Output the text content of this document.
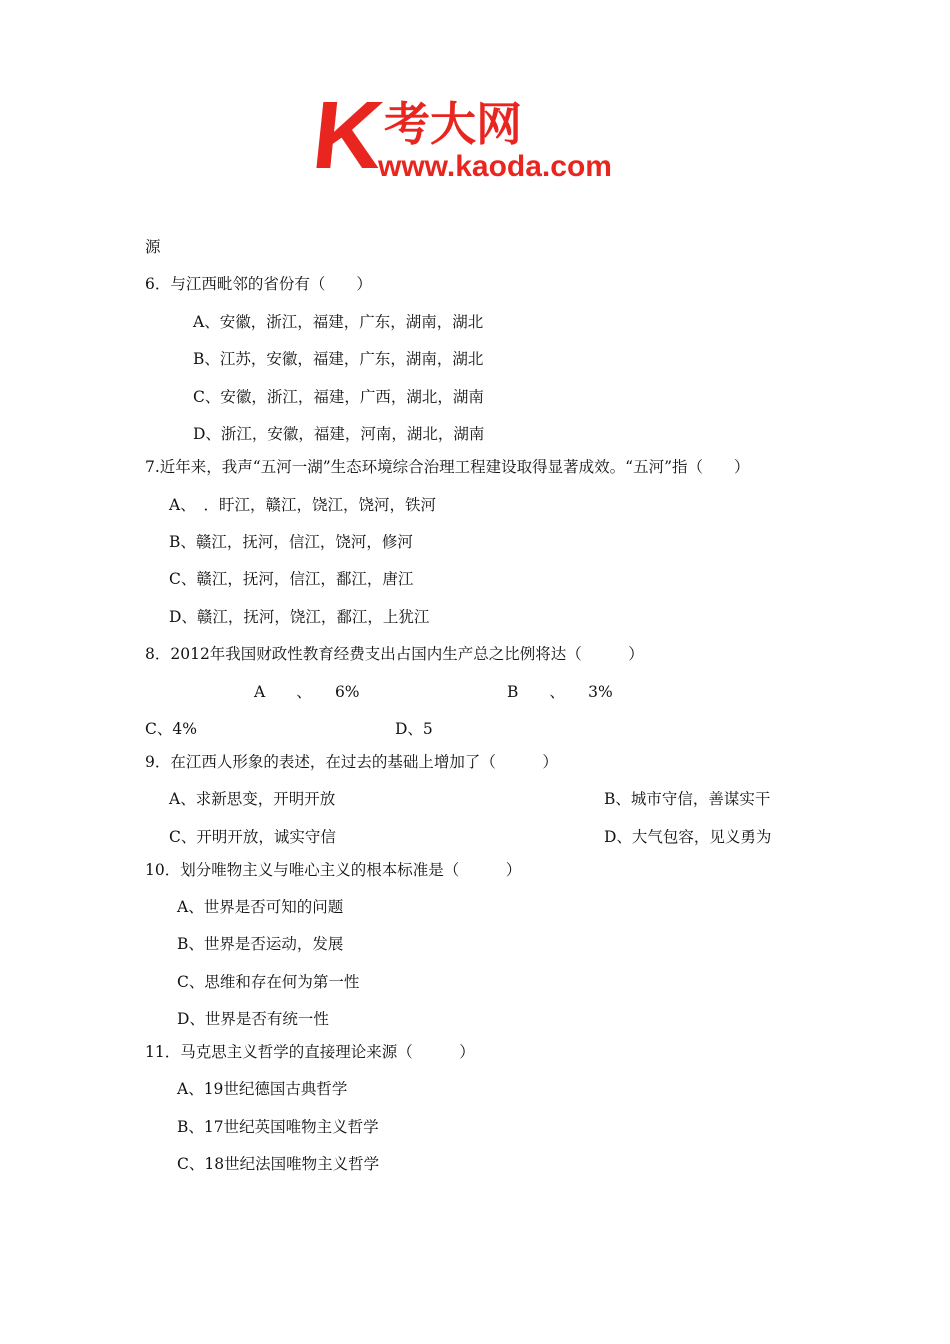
K
考大网
www.kaoda.com
源
6．与江西毗邻的省份有（　　）
A、安徽，浙江，福建，广东，湖南，湖北
B、江苏，安徽，福建，广东，湖南，湖北
C、安徽，浙江，福建，广西，湖北，湖南
D、浙江，安徽，福建，河南，湖北，湖南
7.近年来，我声“五河一湖”生态环境综合治理工程建设取得显著成效。“五河”指（　　）
A、　．盱江，赣江，饶江，饶河，铁河
B、赣江，抚河，信江，饶河，修河
C、赣江，抚河，信江，鄱江，唐江
D、赣江，抚河，饶江，鄱江，上犹江
8．2012年我国财政性教育经费支出占国内生产总之比例将达（　　　）
A　　、　　6%	B　　、　　3%
C、4%	D、5
9．在江西人形象的表述，在过去的基础上增加了（　　　）
A、求新思变，开明开放	B、城市守信，善谋实干
C、开明开放，诚实守信	D、大气包容，见义勇为
10．划分唯物主义与唯心主义的根本标准是（　　　）
A、世界是否可知的问题
B、世界是否运动，发展
C、思维和存在何为第一性
D、世界是否有统一性
11．马克思主义哲学的直接理论来源（　　　）
A、19世纪德国古典哲学
B、17世纪英国唯物主义哲学
C、18世纪法国唯物主义哲学
